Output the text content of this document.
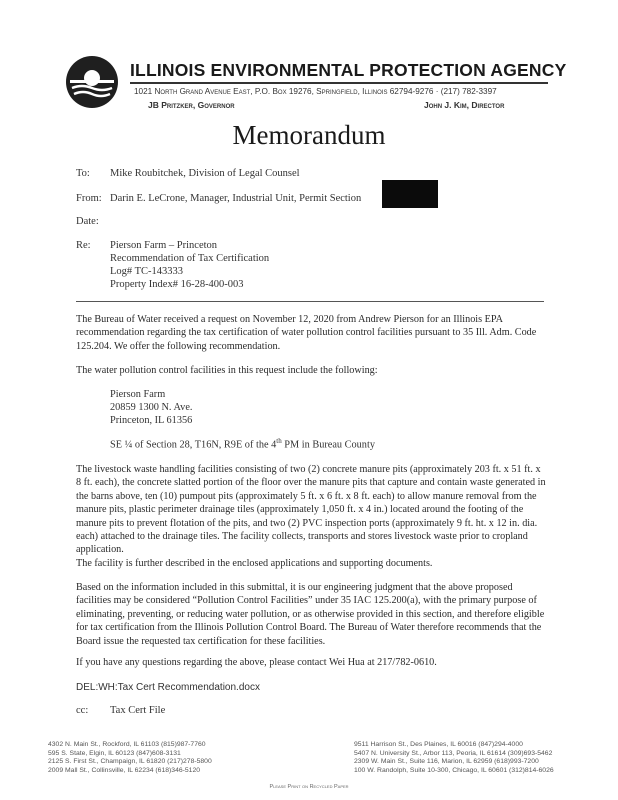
ILLINOIS ENVIRONMENTAL PROTECTION AGENCY
1021 North Grand Avenue East, P.O. Box 19276, Springfield, Illinois 62794-9276 · (217) 782-3397
JB Pritzker, Governor	John J. Kim, Director
Memorandum
To: Mike Roubitchek, Division of Legal Counsel
From: Darin E. LeCrone, Manager, Industrial Unit, Permit Section
Date:
Re: Pierson Farm – Princeton
Recommendation of Tax Certification
Log# TC-143333
Property Index# 16-28-400-003

The Bureau of Water received a request on November 12, 2020 from Andrew Pierson for an Illinois EPA recommendation regarding the tax certification of water pollution control facilities pursuant to 35 Ill. Adm. Code 125.204. We offer the following recommendation.

The water pollution control facilities in this request include the following:

Pierson Farm
20859 1300 N. Ave.
Princeton, IL 61356
SE ¼ of Section 28, T16N, R9E of the 4th PM in Bureau County

The livestock waste handling facilities consisting of two (2) concrete manure pits (approximately 203 ft. x 51 ft. x 8 ft. each), the concrete slatted portion of the floor over the manure pits that capture and contain waste generated in the barns above, ten (10) pumpout pits (approximately 5 ft. x 6 ft. x 8 ft. each) to allow manure removal from the manure pits, plastic perimeter drainage tiles (approximately 1,050 ft. x 4 in.) located around the footing of the manure pits to prevent flotation of the pits, and two (2) PVC inspection ports (approximately 9 ft. ht. x 12 in. dia. each) attached to the drainage tiles. The facility collects, transports and stores livestock waste prior to cropland application.

The facility is further described in the enclosed applications and supporting documents.

Based on the information included in this submittal, it is our engineering judgment that the above proposed facilities may be considered “Pollution Control Facilities” under 35 IAC 125.200(a), with the primary purpose of eliminating, preventing, or reducing water pollution, or as otherwise provided in this section, and therefore eligible for tax certification from the Illinois Pollution Control Board. The Bureau of Water therefore recommends that the Board issue the requested tax certification for these facilities.

If you have any questions regarding the above, please contact Wei Hua at 217/782-0610.

DEL:WH:Tax Cert Recommendation.docx
cc: Tax Cert File
4302 N. Main St., Rockford, IL 61103 (815)987-7760
595 S. State, Elgin, IL 60123 (847)608-3131
2125 S. First St., Champaign, IL 61820 (217)278-5800
2009 Mall St., Collinsville, IL 62234 (618)346-5120
9511 Harrison St., Des Plaines, IL 60016 (847)294-4000
5407 N. University St., Arbor 113, Peoria, IL 61614 (309)693-5462
2309 W. Main St., Suite 116, Marion, IL 62959 (618)993-7200
100 W. Randolph, Suite 10-300, Chicago, IL 60601 (312)814-6026
Please Print on Recycled Paper
